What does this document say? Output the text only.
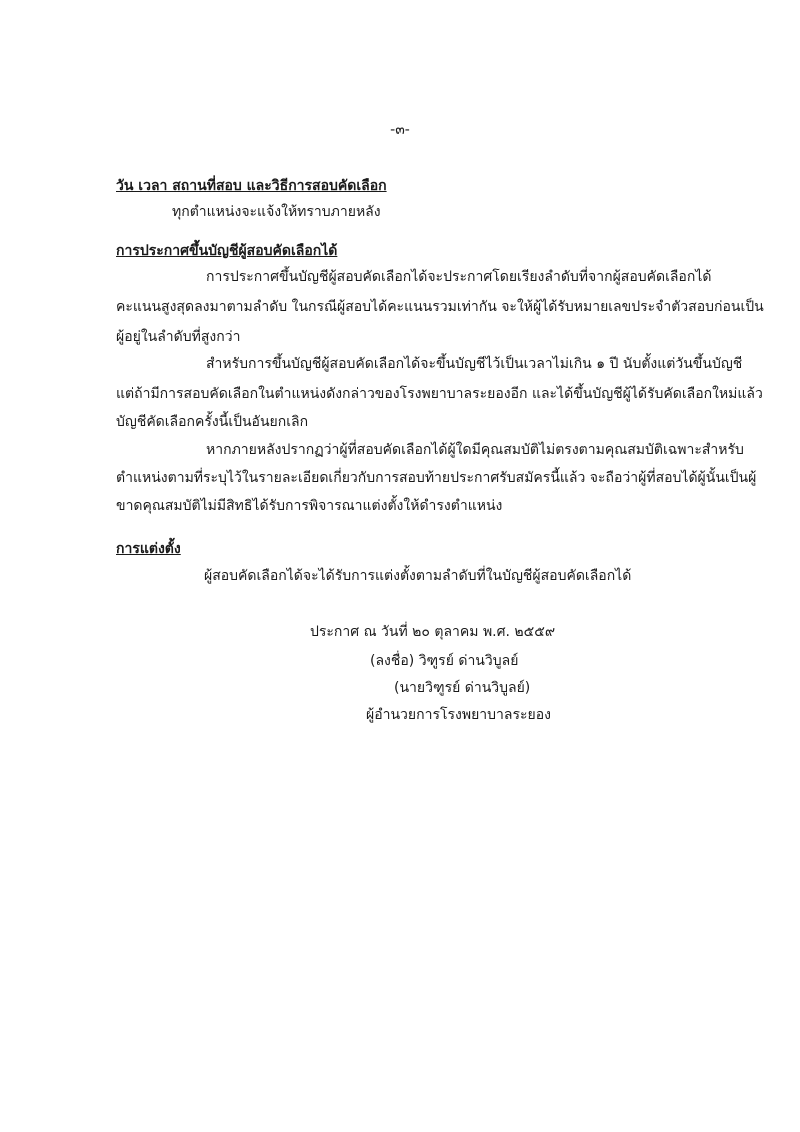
-๓-
วัน เวลา สถานที่สอบ และวิธีการสอบคัดเลือก
ทุกตำแหน่งจะแจ้งให้ทราบภายหลัง
การประกาศขึ้นบัญชีผู้สอบคัดเลือกได้
การประกาศขึ้นบัญชีผู้สอบคัดเลือกได้จะประกาศโดยเรียงลำดับที่จากผู้สอบคัดเลือกได้
คะแนนสูงสุดลงมาตามลำดับ ในกรณีผู้สอบได้คะแนนรวมเท่ากัน จะให้ผู้ได้รับหมายเลขประจำตัวสอบก่อนเป็น
ผู้อยู่ในลำดับที่สูงกว่า
สำหรับการขึ้นบัญชีผู้สอบคัดเลือกได้จะขึ้นบัญชีไว้เป็นเวลาไม่เกิน ๑ ปี นับตั้งแต่วันขึ้นบัญชี
แต่ถ้ามีการสอบคัดเลือกในตำแหน่งดังกล่าวของโรงพยาบาลระยองอีก และได้ขึ้นบัญชีผู้ได้รับคัดเลือกใหม่แล้ว
บัญชีคัดเลือกครั้งนี้เป็นอันยกเลิก
หากภายหลังปรากฏว่าผู้ที่สอบคัดเลือกได้ผู้ใดมีคุณสมบัติไม่ตรงตามคุณสมบัติเฉพาะสำหรับ
ตำแหน่งตามที่ระบุไว้ในรายละเอียดเกี่ยวกับการสอบท้ายประกาศรับสมัครนี้แล้ว จะถือว่าผู้ที่สอบได้ผู้นั้นเป็นผู้
ขาดคุณสมบัติไม่มีสิทธิได้รับการพิจารณาแต่งตั้งให้ดำรงตำแหน่ง
การแต่งตั้ง
ผู้สอบคัดเลือกได้จะได้รับการแต่งตั้งตามลำดับที่ในบัญชีผู้สอบคัดเลือกได้
ประกาศ ณ วันที่ ๒๐ ตุลาคม พ.ศ. ๒๕๕๙
(ลงชื่อ) วิฑูรย์ ด่านวิบูลย์
(นายวิฑูรย์ ด่านวิบูลย์)
ผู้อำนวยการโรงพยาบาลระยอง
